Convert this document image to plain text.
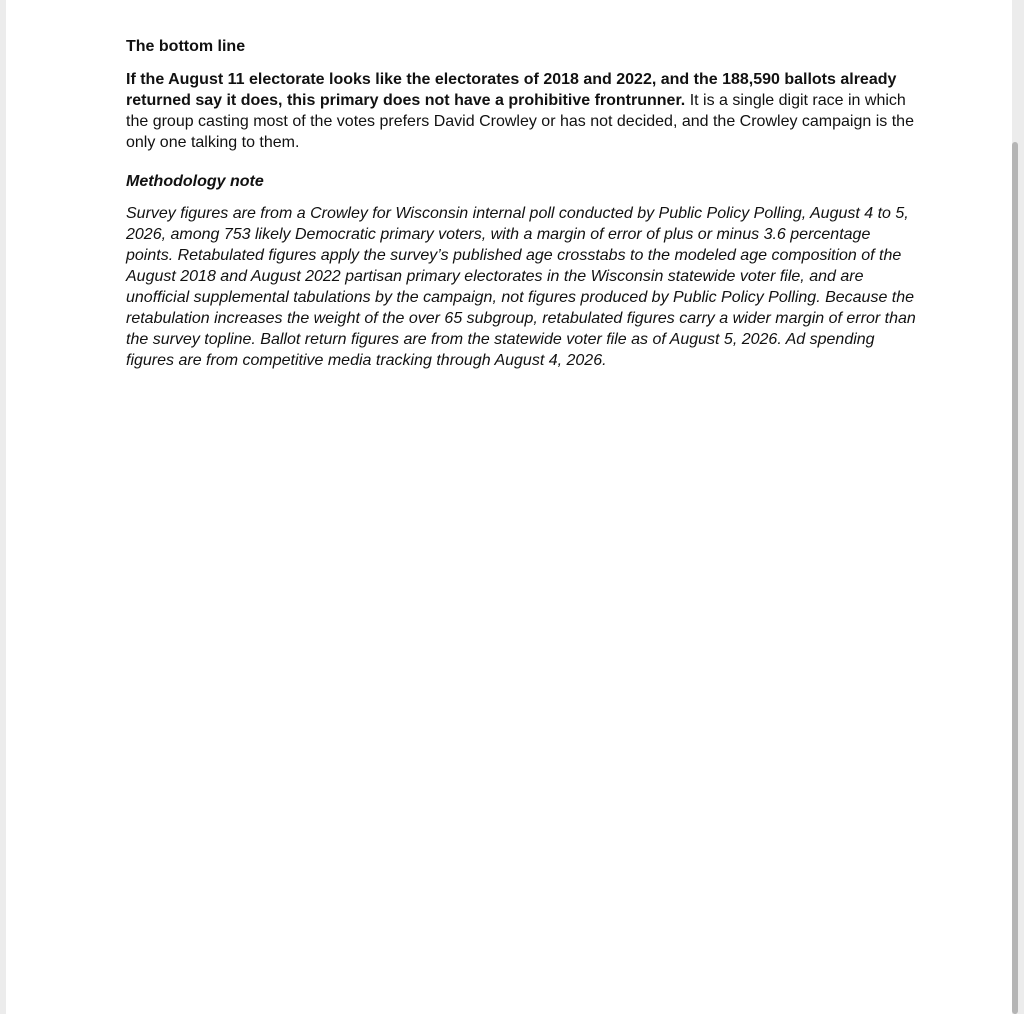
The bottom line

If the August 11 electorate looks like the electorates of 2018 and 2022, and the 188,590 ballots already returned say it does, this primary does not have a prohibitive frontrunner. It is a single digit race in which the group casting most of the votes prefers David Crowley or has not decided, and the Crowley campaign is the only one talking to them.

Methodology note

Survey figures are from a Crowley for Wisconsin internal poll conducted by Public Policy Polling, August 4 to 5, 2026, among 753 likely Democratic primary voters, with a margin of error of plus or minus 3.6 percentage points. Retabulated figures apply the survey’s published age crosstabs to the modeled age composition of the August 2018 and August 2022 partisan primary electorates in the Wisconsin statewide voter file, and are unofficial supplemental tabulations by the campaign, not figures produced by Public Policy Polling. Because the retabulation increases the weight of the over 65 subgroup, retabulated figures carry a wider margin of error than the survey topline. Ballot return figures are from the statewide voter file as of August 5, 2026. Ad spending figures are from competitive media tracking through August 4, 2026.
